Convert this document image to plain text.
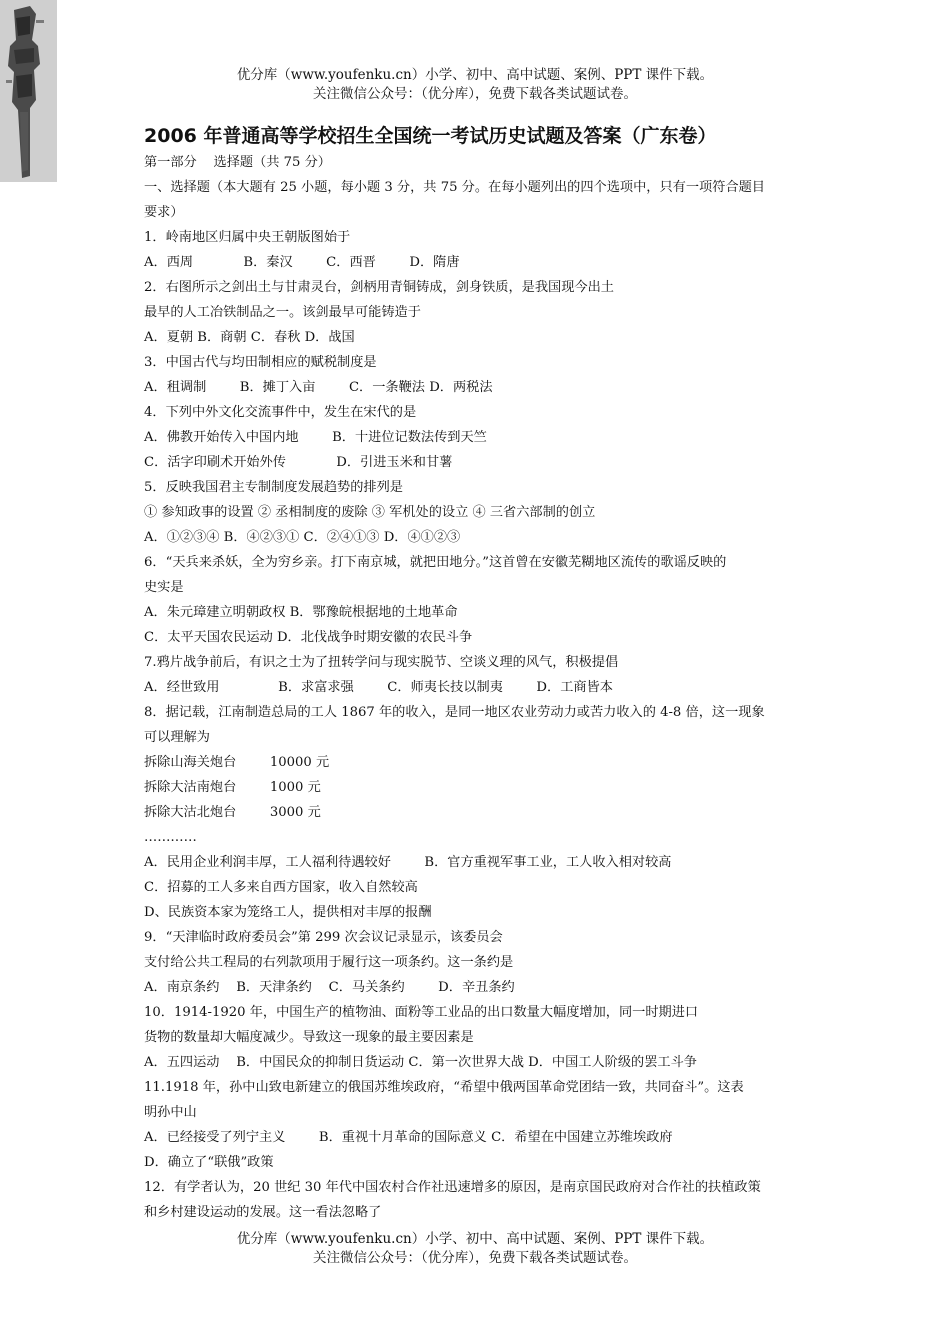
优分库（www.youfenku.cn）小学、初中、高中试题、案例、PPT 课件下载。
关注微信公众号：（优分库），免费下载各类试题试卷。
2006 年普通高等学校招生全国统一考试历史试题及答案（广东卷）
第一部分    选择题（共 75 分）
一、选择题（本大题有 25 小题，每小题 3 分，共 75 分。在每小题列出的四个选项中，只有一项符合题目
要求）
1．岭南地区归属中央王朝版图始于
A．西周            B．秦汉        C．西晋        D．隋唐
2．右图所示之剑出土与甘肃灵台，剑柄用青铜铸成，剑身铁质，是我国现今出土
最早的人工冶铁制品之一。该剑最早可能铸造于
A．夏朝 B．商朝 C．春秋 D．战国
3．中国古代与均田制相应的赋税制度是
A．租调制        B．摊丁入亩        C．一条鞭法 D．两税法
4．下列中外文化交流事件中，发生在宋代的是
A．佛教开始传入中国内地        B．十进位记数法传到天竺
C．活字印刷术开始外传            D．引进玉米和甘薯
5．反映我国君主专制制度发展趋势的排列是
① 参知政事的设置 ② 丞相制度的废除 ③ 军机处的设立 ④ 三省六部制的创立
A．①②③④ B．④②③① C．②④①③ D．④①②③
6．“天兵来杀妖，全为穷乡亲。打下南京城，就把田地分。”这首曾在安徽芜糊地区流传的歌谣反映的
史实是
A．朱元璋建立明朝政权 B．鄂豫皖根据地的土地革命
C．太平天国农民运动 D．北伐战争时期安徽的农民斗争
7.鸦片战争前后，有识之士为了扭转学问与现实脱节、空谈义理的风气，积极提倡
A．经世致用              B．求富求强        C．师夷长技以制夷        D．工商皆本
8．据记载，江南制造总局的工人 1867 年的收入，是同一地区农业劳动力或苦力收入的 4-8 倍，这一现象
可以理解为
拆除山海关炮台        10000 元
拆除大沽南炮台        1000 元
拆除大沽北炮台        3000 元
…………
A．民用企业利润丰厚，工人福利待遇较好        B．官方重视军事工业，工人收入相对较高
C．招募的工人多来自西方国家，收入自然较高
D、民族资本家为笼络工人，提供相对丰厚的报酬
9．“天津临时政府委员会”第 299 次会议记录显示，该委员会
支付给公共工程局的右列款项用于履行这一项条约。这一条约是
A．南京条约    B．天津条约    C．马关条约        D．辛丑条约
10．1914-1920 年，中国生产的植物油、面粉等工业品的出口数量大幅度增加，同一时期进口
货物的数量却大幅度减少。导致这一现象的最主要因素是
A．五四运动    B．中国民众的抑制日货运动 C．第一次世界大战 D．中国工人阶级的罢工斗争
11.1918 年，孙中山致电新建立的俄国苏维埃政府，“希望中俄两国革命党团结一致，共同奋斗”。这表
明孙中山
A．已经接受了列宁主义        B．重视十月革命的国际意义 C．希望在中国建立苏维埃政府
D．确立了“联俄”政策
12．有学者认为，20 世纪 30 年代中国农村合作社迅速增多的原因，是南京国民政府对合作社的扶植政策
和乡村建设运动的发展。这一看法忽略了
优分库（www.youfenku.cn）小学、初中、高中试题、案例、PPT 课件下载。
关注微信公众号：（优分库），免费下载各类试题试卷。
